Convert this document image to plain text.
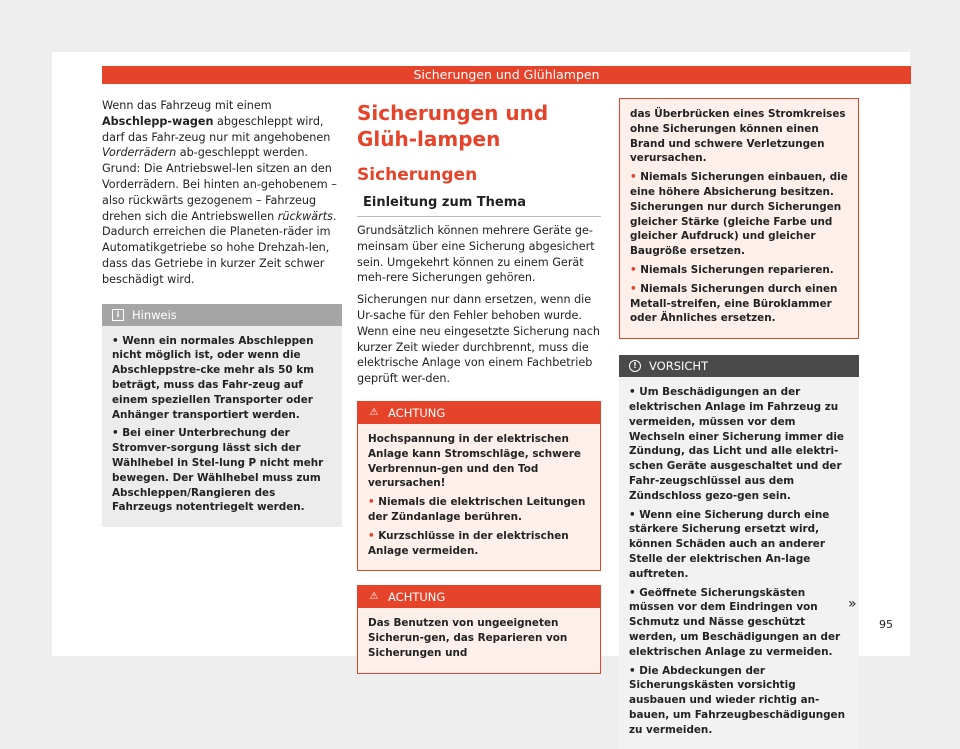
Sicherungen und Glühlampen

Wenn das Fahrzeug mit einem Abschlepp-wagen abgeschleppt wird, darf das Fahr-zeug nur mit angehobenen Vorderrädern ab-geschleppt werden. Grund: Die Antriebswel-len sitzen an den Vorderrädern. Bei hinten an-gehobenem – also rückwärts gezogenem – Fahrzeug drehen sich die Antriebswellen rückwärts. Dadurch erreichen die Planeten-räder im Automatikgetriebe so hohe Drehzah-len, dass das Getriebe in kurzer Zeit schwer beschädigt wird.

i	Hinweis

• Wenn ein normales Abschleppen nicht möglich ist, oder wenn die Abschleppstre-cke mehr als 50 km beträgt, muss das Fahr-zeug auf einem speziellen Transporter oder Anhänger transportiert werden.

• Bei einer Unterbrechung der Stromver-sorgung lässt sich der Wählhebel in Stel-lung P nicht mehr bewegen. Der Wählhebel muss zum Abschleppen/Rangieren des Fahrzeugs notentriegelt werden.

Sicherungen und Glüh-lampen
Sicherungen
Einleitung zum Thema

Grundsätzlich können mehrere Geräte ge-meinsam über eine Sicherung abgesichert sein. Umgekehrt können zu einem Gerät meh-rere Sicherungen gehören.

Sicherungen nur dann ersetzen, wenn die Ur-sache für den Fehler behoben wurde. Wenn eine neu eingesetzte Sicherung nach kurzer Zeit wieder durchbrennt, muss die elektrische Anlage von einem Fachbetrieb geprüft wer-den.

⚠ ACHTUNG

Hochspannung in der elektrischen Anlage kann Stromschläge, schwere Verbrennun-gen und den Tod verursachen!

• Niemals die elektrischen Leitungen der Zündanlage berühren.

• Kurzschlüsse in der elektrischen Anlage vermeiden.

⚠ ACHTUNG

Das Benutzen von ungeeigneten Sicherun-gen, das Reparieren von Sicherungen und

das Überbrücken eines Stromkreises ohne Sicherungen können einen Brand und schwere Verletzungen verursachen.

• Niemals Sicherungen einbauen, die eine höhere Absicherung besitzen. Sicherungen nur durch Sicherungen gleicher Stärke (gleiche Farbe und gleicher Aufdruck) und gleicher Baugröße ersetzen.

• Niemals Sicherungen reparieren.

• Niemals Sicherungen durch einen Metall-streifen, eine Büroklammer oder Ähnliches ersetzen.

!	VORSICHT

• Um Beschädigungen an der elektrischen Anlage im Fahrzeug zu vermeiden, müssen vor dem Wechseln einer Sicherung immer die Zündung, das Licht und alle elektri-schen Geräte ausgeschaltet und der Fahr-zeugschlüssel aus dem Zündschloss gezo-gen sein.

• Wenn eine Sicherung durch eine stärkere Sicherung ersetzt wird, können Schäden auch an anderer Stelle der elektrischen An-lage auftreten.

• Geöffnete Sicherungskästen müssen vor dem Eindringen von Schmutz und Nässe geschützt werden, um Beschädigungen an der elektrischen Anlage zu vermeiden.

• Die Abdeckungen der Sicherungskästen vorsichtig ausbauen und wieder richtig an-bauen, um Fahrzeugbeschädigungen zu vermeiden.

»
95
